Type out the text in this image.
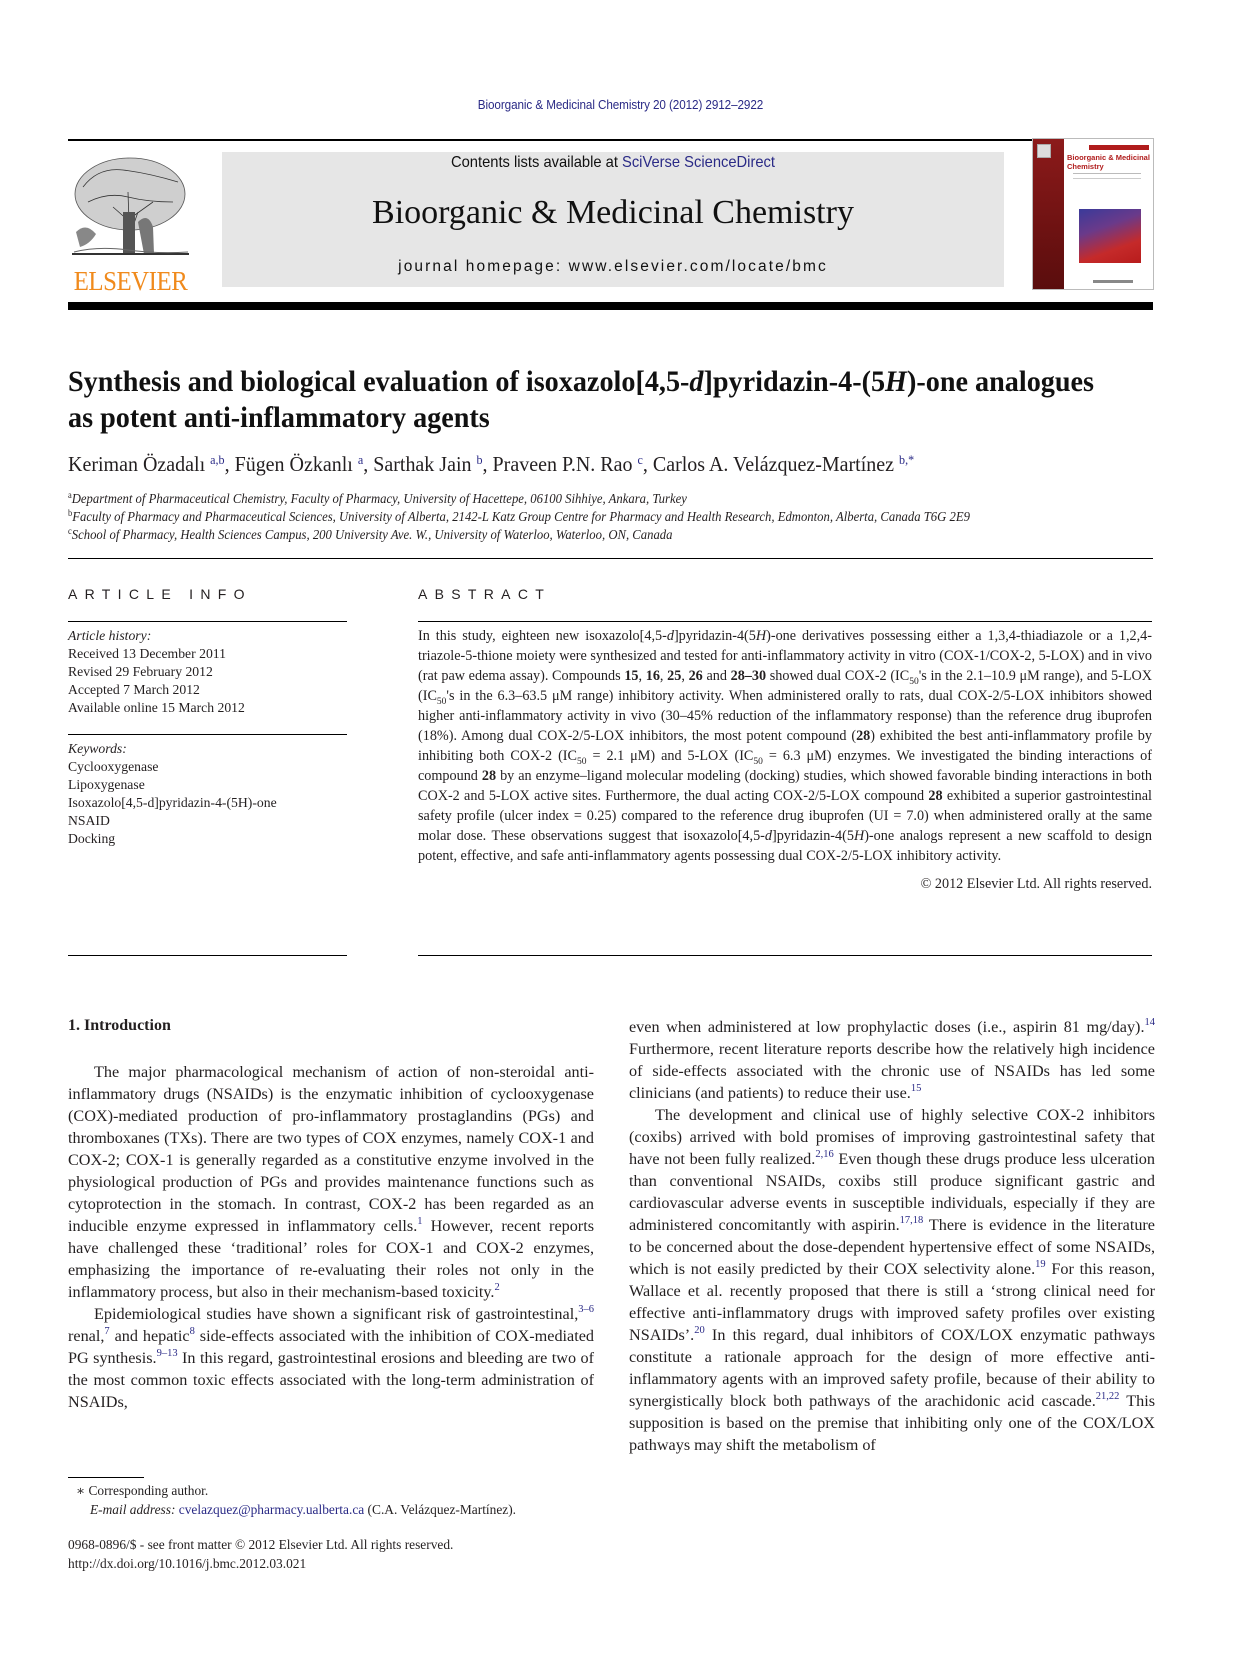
Bioorganic & Medicinal Chemistry 20 (2012) 2912–2922
ELSEVIER
Contents lists available at SciVerse ScienceDirect
Bioorganic & Medicinal Chemistry
journal homepage: www.elsevier.com/locate/bmc
Bioorganic & Medicinal
Chemistry
Synthesis and biological evaluation of isoxazolo[4,5-d]pyridazin-4-(5H)-one analogues as potent anti-inflammatory agents
Keriman Özadalı $^{a,b}$, Fügen Özkanlı $^a$, Sarthak Jain $^b$, Praveen P.N. Rao $^c$, Carlos A. Velázquez-Martínez $^{b,*}$
$^a$Department of Pharmaceutical Chemistry, Faculty of Pharmacy, University of Hacettepe, 06100 Sihhiye, Ankara, Turkey
$^b$Faculty of Pharmacy and Pharmaceutical Sciences, University of Alberta, 2142-L Katz Group Centre for Pharmacy and Health Research, Edmonton, Alberta, Canada T6G 2E9
$^c$School of Pharmacy, Health Sciences Campus, 200 University Ave. W., University of Waterloo, Waterloo, ON, Canada
ARTICLE INFO
Article history:
Received 13 December 2011
Revised 29 February 2012
Accepted 7 March 2012
Available online 15 March 2012
Keywords:
Cyclooxygenase
Lipoxygenase
Isoxazolo[4,5-d]pyridazin-4-(5H)-one
NSAID
Docking
ABSTRACT
In this study, eighteen new isoxazolo[4,5-d]pyridazin-4(5H)-one derivatives possessing either a 1,3,4-thiadiazole or a 1,2,4-triazole-5-thione moiety were synthesized and tested for anti-inflammatory activity in vitro (COX-1/COX-2, 5-LOX) and in vivo (rat paw edema assay). Compounds 15, 16, 25, 26 and 28–30 showed dual COX-2 ($IC_{50}'s$ in the 2.1–10.9 μM range), and 5-LOX ($IC_{50}'s$ in the 6.3–63.5 μM range) inhibitory activity. When administered orally to rats, dual COX-2/5-LOX inhibitors showed higher anti-inflammatory activity in vivo (30–45% reduction of the inflammatory response) than the reference drug ibuprofen (18%). Among dual COX-2/5-LOX inhibitors, the most potent compound (28) exhibited the best anti-inflammatory profile by inhibiting both COX-2 ($IC_{50} = 2.1$ μM) and 5-LOX ($IC_{50} = 6.3$ μM) enzymes. We investigated the binding interactions of compound 28 by an enzyme–ligand molecular modeling (docking) studies, which showed favorable binding interactions in both COX-2 and 5-LOX active sites. Furthermore, the dual acting COX-2/5-LOX compound 28 exhibited a superior gastrointestinal safety profile (ulcer index = 0.25) compared to the reference drug ibuprofen (UI = 7.0) when administered orally at the same molar dose. These observations suggest that isoxazolo[4,5-d]pyridazin-4(5H)-one analogs represent a new scaffold to design potent, effective, and safe anti-inflammatory agents possessing dual COX-2/5-LOX inhibitory activity.
© 2012 Elsevier Ltd. All rights reserved.
1. Introduction

The major pharmacological mechanism of action of non-steroidal anti-inflammatory drugs (NSAIDs) is the enzymatic inhibition of cyclooxygenase (COX)-mediated production of pro-inflammatory prostaglandins (PGs) and thromboxanes (TXs). There are two types of COX enzymes, namely COX-1 and COX-2; COX-1 is generally regarded as a constitutive enzyme involved in the physiological production of PGs and provides maintenance functions such as cytoprotection in the stomach. In contrast, COX-2 has been regarded as an inducible enzyme expressed in inflammatory cells.$^1$ However, recent reports have challenged these ‘traditional’ roles for COX-1 and COX-2 enzymes, emphasizing the importance of re-evaluating their roles not only in the inflammatory process, but also in their mechanism-based toxicity.$^2$

Epidemiological studies have shown a significant risk of gastrointestinal,$^{3-6}$ renal,$^7$ and hepatic$^8$ side-effects associated with the inhibition of COX-mediated PG synthesis.$^{9-13}$ In this regard, gastrointestinal erosions and bleeding are two of the most common toxic effects associated with the long-term administration of NSAIDs,

even when administered at low prophylactic doses (i.e., aspirin 81 mg/day).$^{14}$ Furthermore, recent literature reports describe how the relatively high incidence of side-effects associated with the chronic use of NSAIDs has led some clinicians (and patients) to reduce their use.$^{15}$

The development and clinical use of highly selective COX-2 inhibitors (coxibs) arrived with bold promises of improving gastrointestinal safety that have not been fully realized.$^{2,16}$ Even though these drugs produce less ulceration than conventional NSAIDs, coxibs still produce significant gastric and cardiovascular adverse events in susceptible individuals, especially if they are administered concomitantly with aspirin.$^{17,18}$ There is evidence in the literature to be concerned about the dose-dependent hypertensive effect of some NSAIDs, which is not easily predicted by their COX selectivity alone.$^{19}$ For this reason, Wallace et al. recently proposed that there is still a ‘strong clinical need for effective anti-inflammatory drugs with improved safety profiles over existing NSAIDs’.$^{20}$ In this regard, dual inhibitors of COX/LOX enzymatic pathways constitute a rationale approach for the design of more effective anti-inflammatory agents with an improved safety profile, because of their ability to synergistically block both pathways of the arachidonic acid cascade.$^{21,22}$ This supposition is based on the premise that inhibiting only one of the COX/LOX pathways may shift the metabolism of

∗ Corresponding author.
E-mail address: cvelazquez@pharmacy.ualberta.ca (C.A. Velázquez-Martínez).
0968-0896/$ - see front matter © 2012 Elsevier Ltd. All rights reserved.
http://dx.doi.org/10.1016/j.bmc.2012.03.021
